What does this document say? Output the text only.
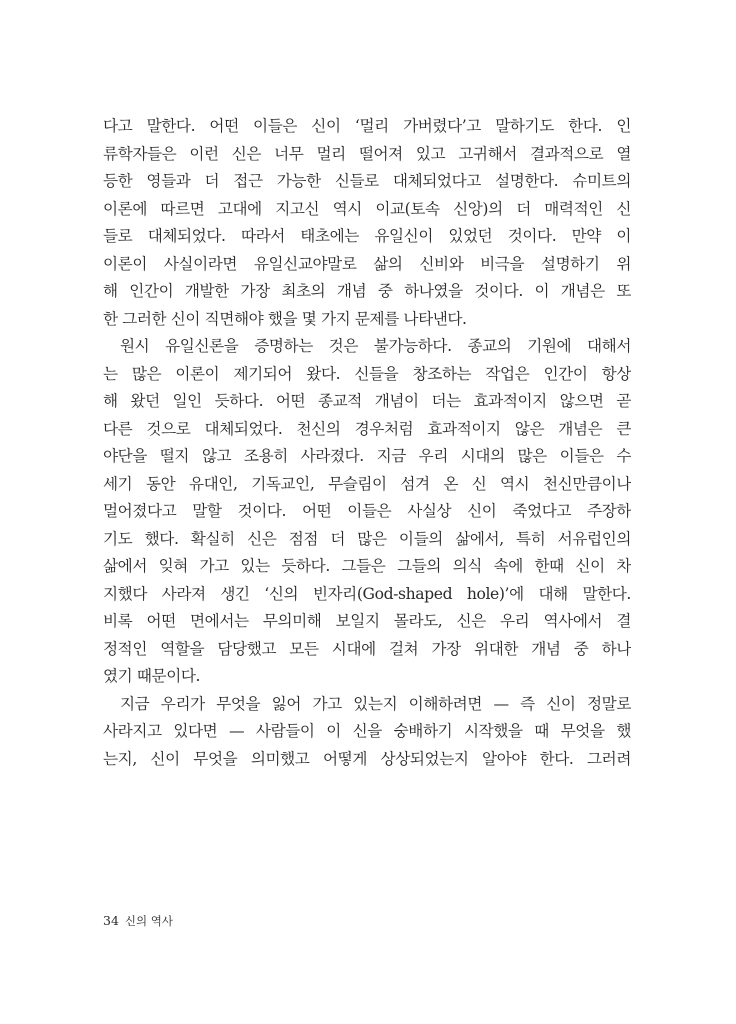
다고 말한다. 어떤 이들은 신이 ‘멀리 가버렸다’고 말하기도 한다. 인
류학자들은 이런 신은 너무 멀리 떨어져 있고 고귀해서 결과적으로 열
등한 영들과 더 접근 가능한 신들로 대체되었다고 설명한다. 슈미트의
이론에 따르면 고대에 지고신 역시 이교(토속 신앙)의 더 매력적인 신
들로 대체되었다. 따라서 태초에는 유일신이 있었던 것이다. 만약 이
이론이 사실이라면 유일신교야말로 삶의 신비와 비극을 설명하기 위
해 인간이 개발한 가장 최초의 개념 중 하나였을 것이다. 이 개념은 또
한 그러한 신이 직면해야 했을 몇 가지 문제를 나타낸다.
원시 유일신론을 증명하는 것은 불가능하다. 종교의 기원에 대해서
는 많은 이론이 제기되어 왔다. 신들을 창조하는 작업은 인간이 항상
해 왔던 일인 듯하다. 어떤 종교적 개념이 더는 효과적이지 않으면 곧
다른 것으로 대체되었다. 천신의 경우처럼 효과적이지 않은 개념은 큰
야단을 떨지 않고 조용히 사라졌다. 지금 우리 시대의 많은 이들은 수
세기 동안 유대인, 기독교인, 무슬림이 섬겨 온 신 역시 천신만큼이나
멀어졌다고 말할 것이다. 어떤 이들은 사실상 신이 죽었다고 주장하
기도 했다. 확실히 신은 점점 더 많은 이들의 삶에서, 특히 서유럽인의
삶에서 잊혀 가고 있는 듯하다. 그들은 그들의 의식 속에 한때 신이 차
지했다 사라져 생긴 ‘신의 빈자리(God-shaped hole)’에 대해 말한다.
비록 어떤 면에서는 무의미해 보일지 몰라도, 신은 우리 역사에서 결
정적인 역할을 담당했고 모든 시대에 걸쳐 가장 위대한 개념 중 하나
였기 때문이다.
지금 우리가 무엇을 잃어 가고 있는지 이해하려면 — 즉 신이 정말로
사라지고 있다면 — 사람들이 이 신을 숭배하기 시작했을 때 무엇을 했
는지, 신이 무엇을 의미했고 어떻게 상상되었는지 알아야 한다. 그러려
34 신의 역사
